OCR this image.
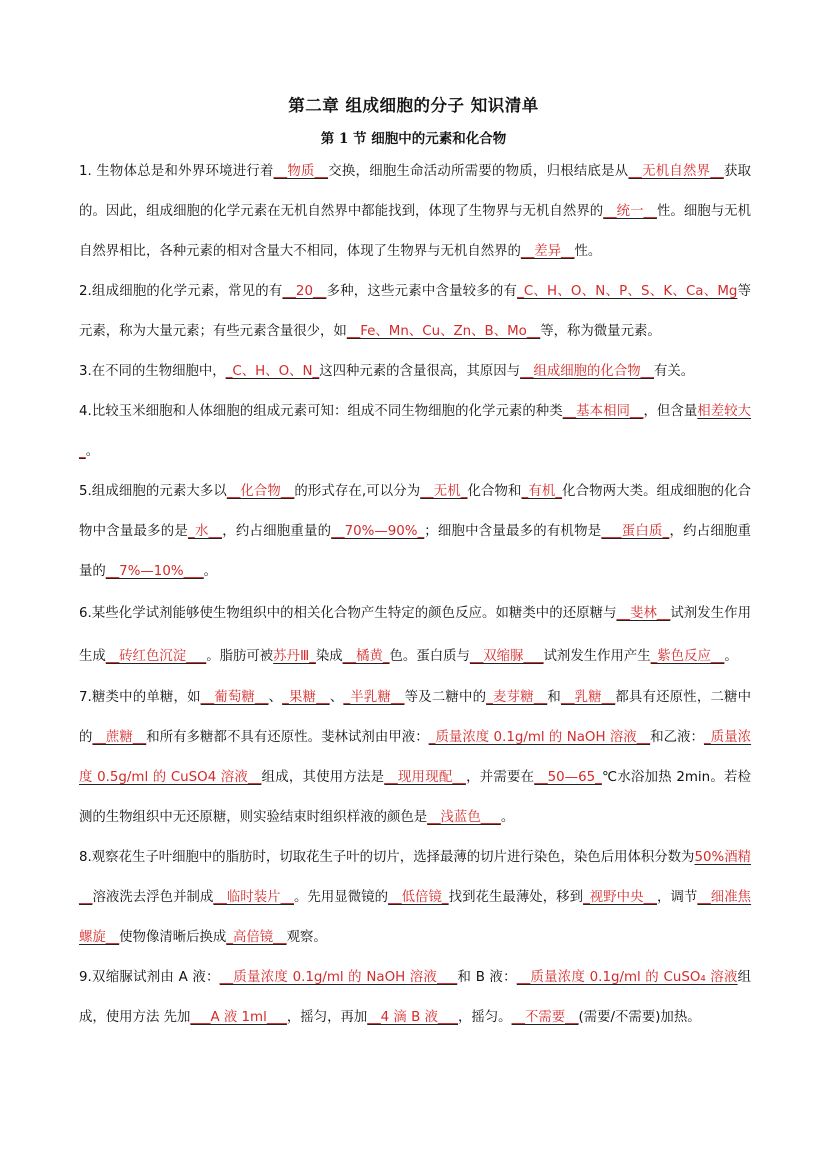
第二章 组成细胞的分子 知识清单
第 1 节 细胞中的元素和化合物

1. 生物体总是和外界环境进行着__物质__交换，细胞生命活动所需要的物质，归根结底是从__无机自然界__获取的。因此，组成细胞的化学元素在无机自然界中都能找到，体现了生物界与无机自然界的__统一__性。细胞与无机自然界相比，各种元素的相对含量大不相同，体现了生物界与无机自然界的__差异__性。

2.组成细胞的化学元素，常见的有__20__多种，这些元素中含量较多的有_C、H、O、N、P、S、K、Ca、Mg等元素，称为大量元素；有些元素含量很少，如__Fe、Mn、Cu、Zn、B、Mo__等，称为微量元素。

3.在不同的生物细胞中，_C、H、O、N_这四种元素的含量很高，其原因与__组成细胞的化合物__有关。

4.比较玉米细胞和人体细胞的组成元素可知：组成不同生物细胞的化学元素的种类__基本相同__，但含量相差较大_。

5.组成细胞的元素大多以__化合物__的形式存在,可以分为__无机_化合物和_有机_化合物两大类。组成细胞的化合物中含量最多的是_水__，约占细胞重量的__70%—90%_；细胞中含量最多的有机物是___蛋白质_，约占细胞重量的__7%—10%___。

6.某些化学试剂能够使生物组织中的相关化合物产生特定的颜色反应。如糖类中的还原糖与__斐林__试剂发生作用生成__砖红色沉淀___。脂肪可被苏丹Ⅲ_染成__橘黄_色。蛋白质与__双缩脲___试剂发生作用产生_紫色反应__。

7.糖类中的单糖，如__葡萄糖__、_果糖__、_半乳糖__等及二糖中的_麦芽糖__和__乳糖__都具有还原性，二糖中的__蔗糖__和所有多糖都不具有还原性。斐林试剂由甲液：_质量浓度 0.1g/ml 的 NaOH 溶液__和乙液：_质量浓度 0.5g/ml 的 CuSO4 溶液__组成，其使用方法是__现用现配__，并需要在__50—65_℃水浴加热 2min。若检测的生物组织中无还原糖，则实验结束时组织样液的颜色是__浅蓝色___。

8.观察花生子叶细胞中的脂肪时，切取花生子叶的切片，选择最薄的切片进行染色，染色后用体积分数为50%酒精__溶液洗去浮色并制成__临时装片__。先用显微镜的__低倍镜_找到花生最薄处，移到_视野中央__，调节__细准焦螺旋__使物像清晰后换成_高倍镜__观察。

9.双缩脲试剂由 A 液：__质量浓度 0.1g/ml 的 NaOH 溶液___和 B 液：__质量浓度 0.1g/ml 的 CuSO₄ 溶液组成，使用方法 先加___A 液 1ml___，摇匀，再加__4 滴 B 液___，摇匀。__不需要__(需要/不需要)加热。
